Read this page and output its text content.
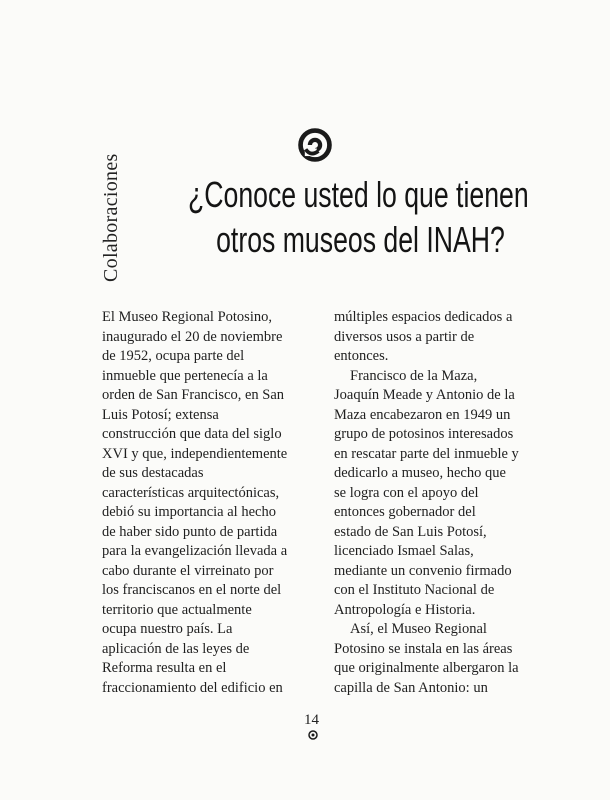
Colaboraciones ¿Conoce usted lo que tienen
otros museos del INAH?
El Museo Regional Potosino,
inaugurado el 20 de noviembre
de 1952, ocupa parte del
inmueble que pertenecía a la
orden de San Francisco, en San
Luis Potosí; extensa
construcción que data del siglo
XVI y que, independientemente
de sus destacadas
características arquitectónicas,
debió su importancia al hecho
de haber sido punto de partida
para la evangelización llevada a
cabo durante el virreinato por
los franciscanos en el norte del
territorio que actualmente
ocupa nuestro país. La
aplicación de las leyes de
Reforma resulta en el
fraccionamiento del edificio en
múltiples espacios dedicados a
diversos usos a partir de
entonces.
Francisco de la Maza,
Joaquín Meade y Antonio de la
Maza encabezaron en 1949 un
grupo de potosinos interesados
en rescatar parte del inmueble y
dedicarlo a museo, hecho que
se logra con el apoyo del
entonces gobernador del
estado de San Luis Potosí,
licenciado Ismael Salas,
mediante un convenio firmado
con el Instituto Nacional de
Antropología e Historia.
Así, el Museo Regional
Potosino se instala en las áreas
que originalmente albergaron la
capilla de San Antonio: un
14
